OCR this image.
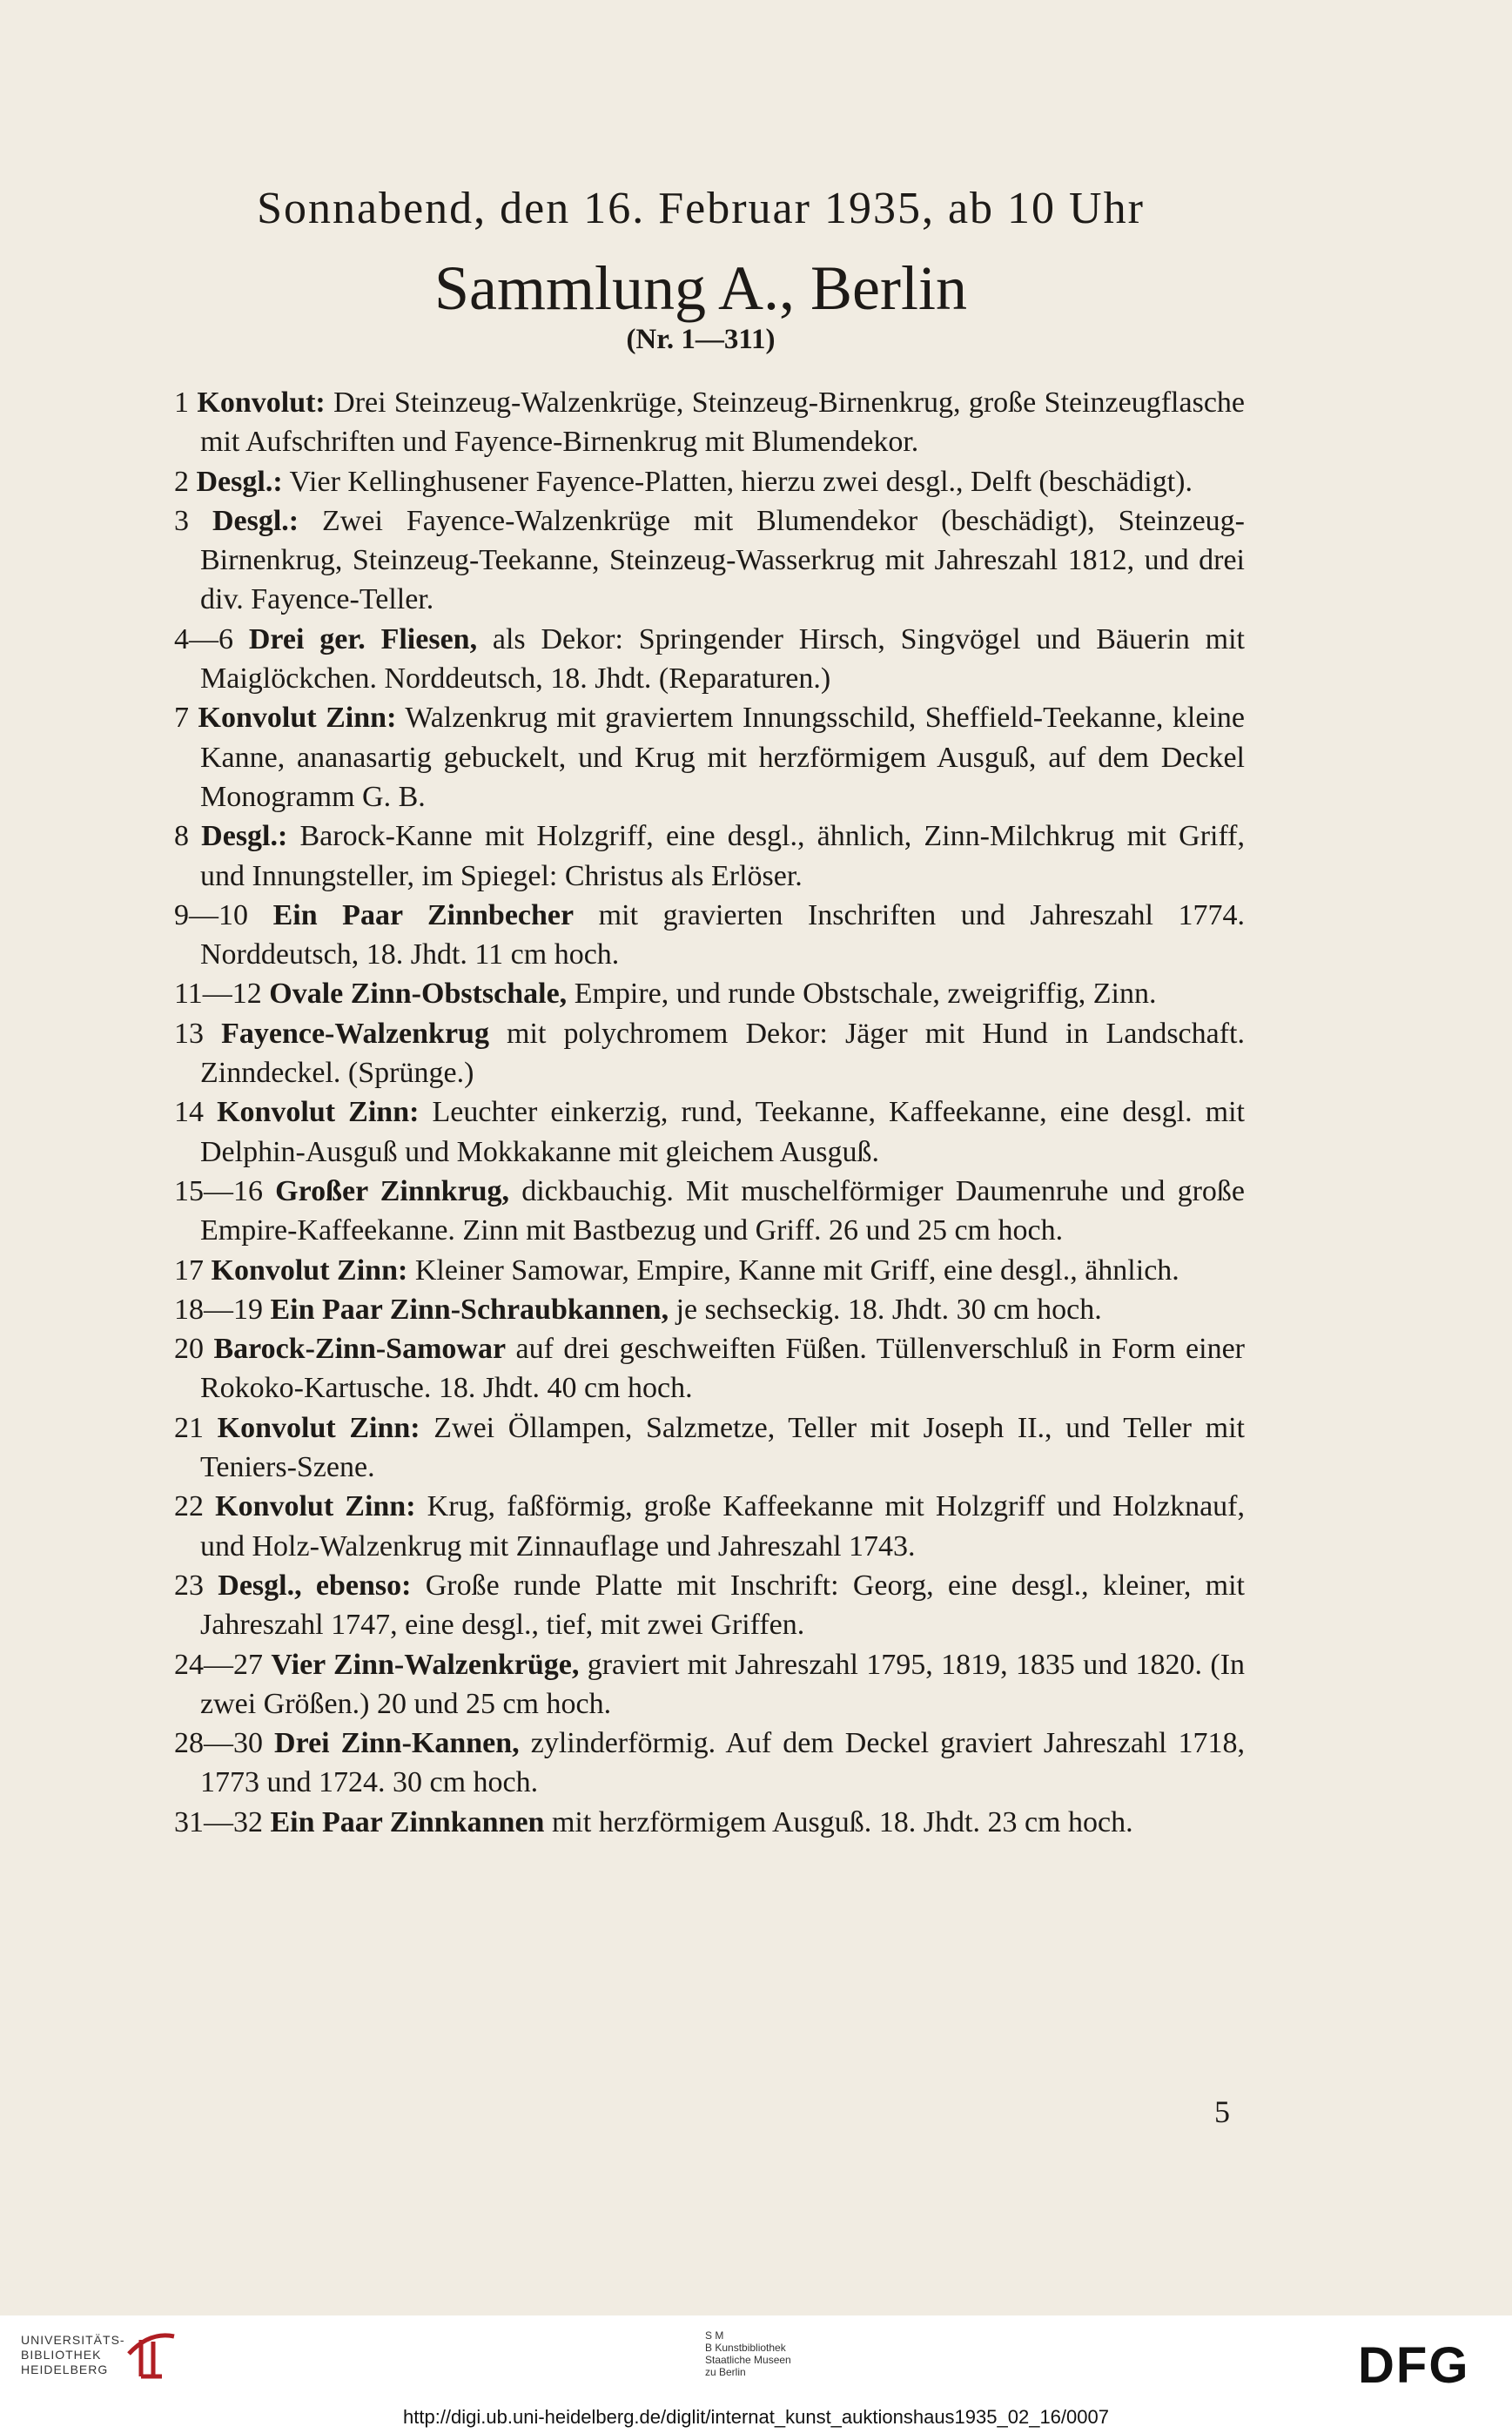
Sonnabend, den 16. Februar 1935, ab 10 Uhr
Sammlung A., Berlin
(Nr. 1—311)

1 Konvolut: Drei Steinzeug-Walzenkrüge, Steinzeug-Birnenkrug, große Steinzeugflasche mit Aufschriften und Fayence-Birnenkrug mit Blumendekor.

2 Desgl.: Vier Kellinghusener Fayence-Platten, hierzu zwei desgl., Delft (beschädigt).

3 Desgl.: Zwei Fayence-Walzenkrüge mit Blumendekor (beschädigt), Steinzeug-Birnenkrug, Steinzeug-Teekanne, Steinzeug-Wasserkrug mit Jahreszahl 1812, und drei div. Fayence-Teller.

4—6 Drei ger. Fliesen, als Dekor: Springender Hirsch, Singvögel und Bäuerin mit Maiglöckchen. Norddeutsch, 18. Jhdt. (Reparaturen.)

7 Konvolut Zinn: Walzenkrug mit graviertem Innungsschild, Sheffield-Teekanne, kleine Kanne, ananasartig gebuckelt, und Krug mit herzförmigem Ausguß, auf dem Deckel Monogramm G. B.

8 Desgl.: Barock-Kanne mit Holzgriff, eine desgl., ähnlich, Zinn-Milchkrug mit Griff, und Innungsteller, im Spiegel: Christus als Erlöser.

9—10 Ein Paar Zinnbecher mit gravierten Inschriften und Jahreszahl 1774. Norddeutsch, 18. Jhdt. 11 cm hoch.

11—12 Ovale Zinn-Obstschale, Empire, und runde Obstschale, zweigriffig, Zinn.

13 Fayence-Walzenkrug mit polychromem Dekor: Jäger mit Hund in Landschaft. Zinndeckel. (Sprünge.)

14 Konvolut Zinn: Leuchter einkerzig, rund, Teekanne, Kaffeekanne, eine desgl. mit Delphin-Ausguß und Mokkakanne mit gleichem Ausguß.

15—16 Großer Zinnkrug, dickbauchig. Mit muschelförmiger Daumenruhe und große Empire-Kaffeekanne. Zinn mit Bastbezug und Griff. 26 und 25 cm hoch.

17 Konvolut Zinn: Kleiner Samowar, Empire, Kanne mit Griff, eine desgl., ähnlich.

18—19 Ein Paar Zinn-Schraubkannen, je sechseckig. 18. Jhdt. 30 cm hoch.

20 Barock-Zinn-Samowar auf drei geschweiften Füßen. Tüllenverschluß in Form einer Rokoko-Kartusche. 18. Jhdt. 40 cm hoch.

21 Konvolut Zinn: Zwei Öllampen, Salzmetze, Teller mit Joseph II., und Teller mit Teniers-Szene.

22 Konvolut Zinn: Krug, faßförmig, große Kaffeekanne mit Holzgriff und Holzknauf, und Holz-Walzenkrug mit Zinnauflage und Jahreszahl 1743.

23 Desgl., ebenso: Große runde Platte mit Inschrift: Georg, eine desgl., kleiner, mit Jahreszahl 1747, eine desgl., tief, mit zwei Griffen.

24—27 Vier Zinn-Walzenkrüge, graviert mit Jahreszahl 1795, 1819, 1835 und 1820. (In zwei Größen.) 20 und 25 cm hoch.

28—30 Drei Zinn-Kannen, zylinderförmig. Auf dem Deckel graviert Jahreszahl 1718, 1773 und 1724. 30 cm hoch.

31—32 Ein Paar Zinnkannen mit herzförmigem Ausguß. 18. Jhdt. 23 cm hoch.

5
UNIVERSITÄTS-
BIBLIOTHEK
HEIDELBERG
S M
B Kunstbibliothek
Staatliche Museen
zu Berlin	DFG
http://digi.ub.uni-heidelberg.de/diglit/internat_kunst_auktionshaus1935_02_16/0007
